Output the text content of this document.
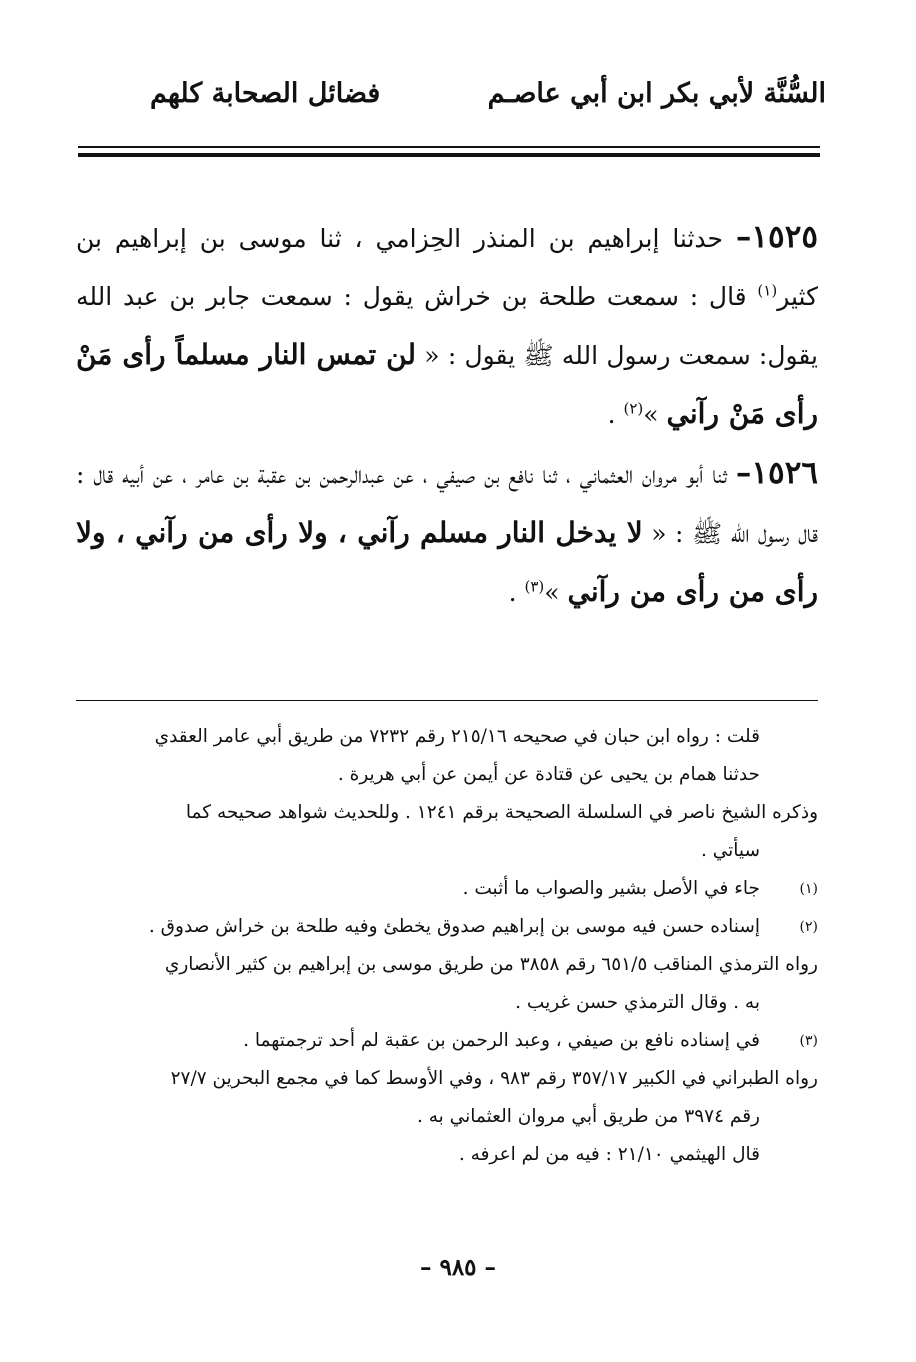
السُّنَّة لأبي بكر ابن أبي عاصـم
فضائل الصحابة كلهم

١٥٢٥– حدثنا إبراهيم بن المنذر الحِزامي ، ثنا موسى بن إبراهيم بن كثير$^{(١)}$ قال : سمعت طلحة بن خراش يقول : سمعت جابر بن عبد الله يقول: سمعت رسول الله ﷺ يقول : « لن تمس النار مسلماً رأى مَنْ رأى مَنْ رآني »$^{(٢)}$ .

١٥٢٦– ثنا أبو مروان العثماني ، ثنا نافع بن صيفي ، عن عبدالرحمن بن عقبة بن عامر ، عن أبيه قال : قال رسول الله ﷺ : « لا يدخل النار مسلم رآني ، ولا رأى من رآني ، ولا رأى من رأى من رآني »$^{(٣)}$ .

قلت : رواه ابن حبان في صحيحه ٢١٥/١٦ رقم ٧٢٣٢ من طريق أبي عامر العقدي
حدثنا همام بن يحيى عن قتادة عن أيمن عن أبي هريرة .
وذكره الشيخ ناصر في السلسلة الصحيحة برقم ١٢٤١ . وللحديث شواهد صحيحه كما
سيأتي .
(١)
جاء في الأصل بشير والصواب ما أثبت .
(٢)
إسناده حسن فيه موسى بن إبراهيم صدوق يخطئ وفيه طلحة بن خراش صدوق .
رواه الترمذي المناقب ٦٥١/٥ رقم ٣٨٥٨ من طريق موسى بن إبراهيم بن كثير الأنصاري
به . وقال الترمذي حسن غريب .
(٣)
في إسناده نافع بن صيفي ، وعبد الرحمن بن عقبة لم أحد ترجمتهما .
رواه الطبراني في الكبير ٣٥٧/١٧ رقم ٩٨٣ ، وفي الأوسط كما في مجمع البحرين ٢٧/٧
رقم ٣٩٧٤ من طريق أبي مروان العثماني به .
قال الهيثمي ٢١/١٠ : فيه من لم اعرفه .
– ٩٨٥ –
